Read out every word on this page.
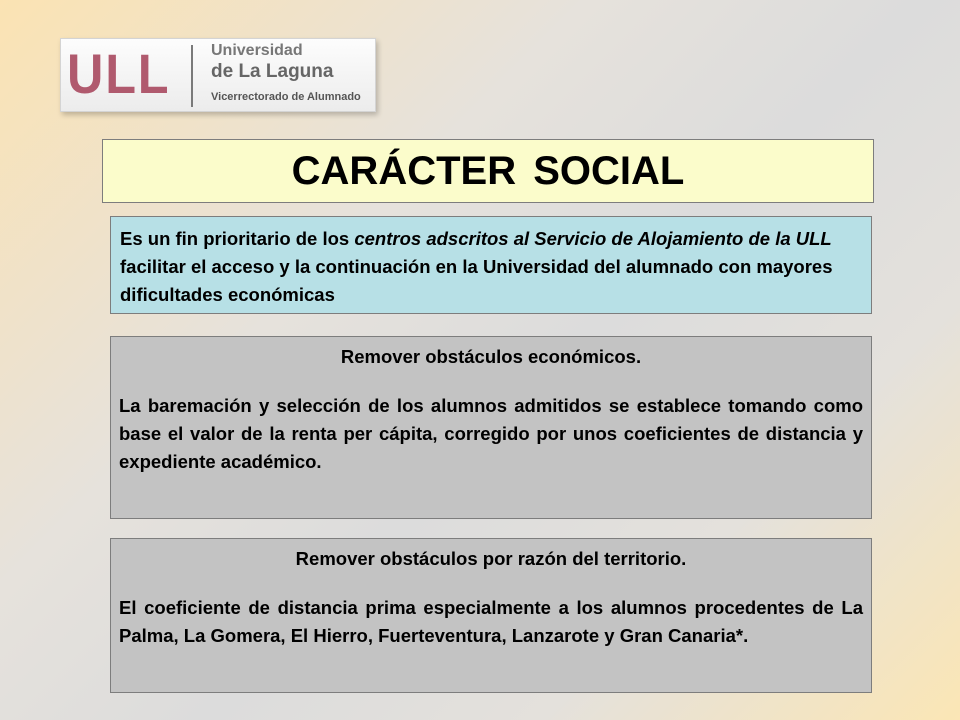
ULL	Universidad
de La Laguna
Vicerrectorado de Alumnado
CARÁCTER SOCIAL
Es un fin prioritario de los centros adscritos al Servicio de Alojamiento de la ULL facilitar el acceso y la continuación en la Universidad del alumnado con mayores dificultades económicas
Remover obstáculos económicos.
La baremación y selección de los alumnos admitidos se establece tomando como base el valor de la renta per cápita, corregido por unos coeficientes de distancia y expediente académico.
Remover obstáculos por razón del territorio.
El coeficiente de distancia prima especialmente a los alumnos procedentes de La Palma, La Gomera, El Hierro, Fuerteventura, Lanzarote y Gran Canaria*.
